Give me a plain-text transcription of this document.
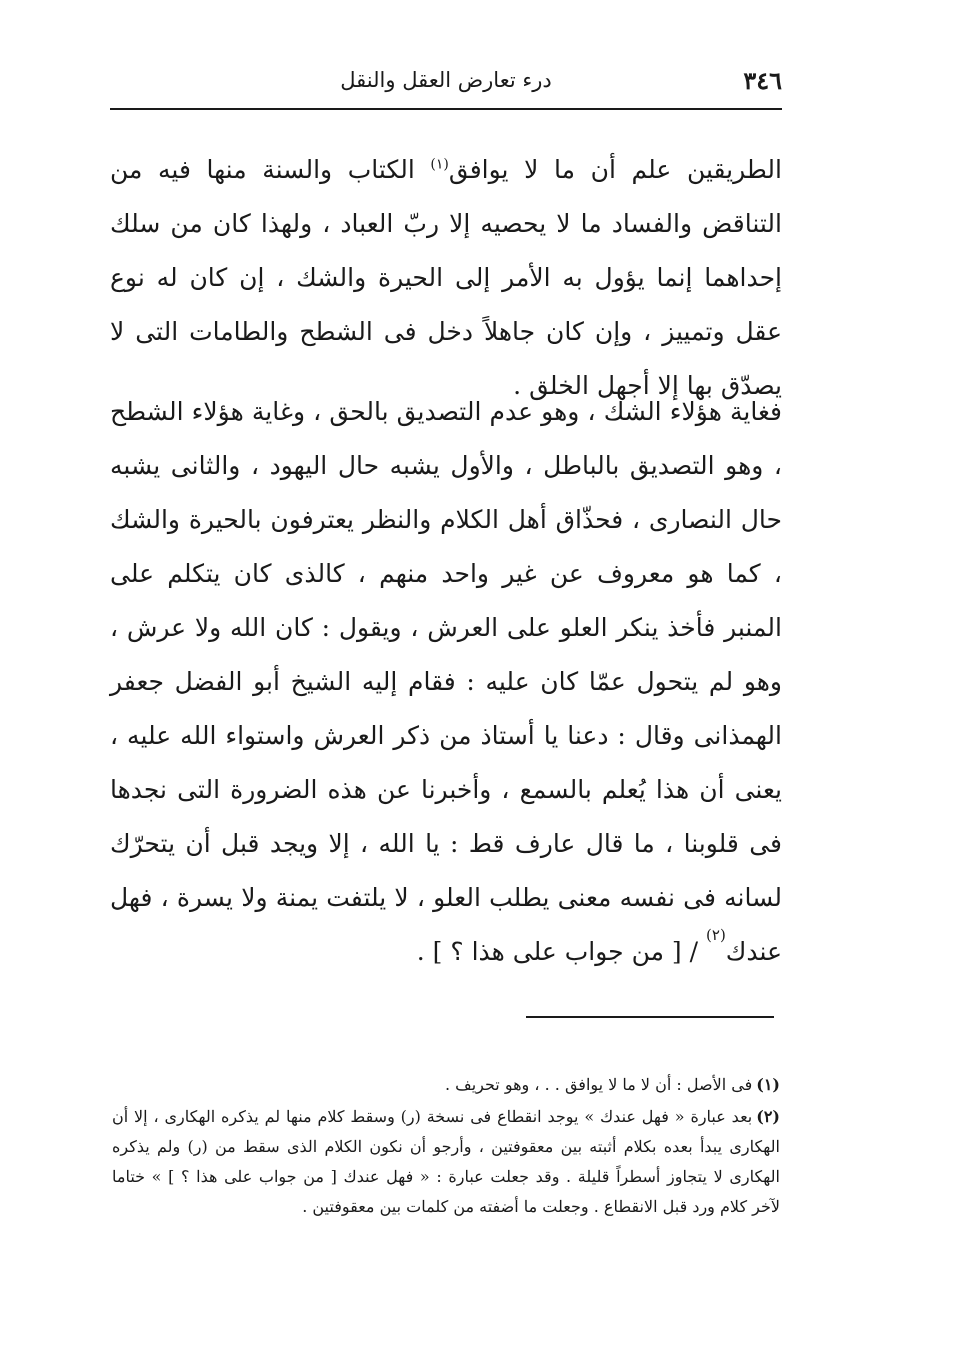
٣٤٦
درء تعارض العقل والنقل

الطريقين علم أن ما لا يوافق$^{(١)}$ الكتاب والسنة منها فيه من التناقض والفساد ما لا يحصيه إلا ربّ العباد ، ولهذا كان من سلك إحداهما إنما يؤول به الأمر إلى الحيرة والشك ، إن كان له نوع عقل وتمييز ، وإن كان جاهلاً دخل فى الشطح والطامات التى لا يصدّق بها إلا أجهل الخلق .

فغاية هؤلاء الشك ، وهو عدم التصديق بالحق ، وغاية هؤلاء الشطح ، وهو التصديق بالباطل ، والأول يشبه حال اليهود ، والثانى يشبه حال النصارى ، فحذّاق أهل الكلام والنظر يعترفون بالحيرة والشك ، كما هو معروف عن غير واحد منهم ، كالذى كان يتكلم على المنبر فأخذ ينكر العلو على العرش ، ويقول : كان الله ولا عرش ، وهو لم يتحول عمّا كان عليه : فقام إليه الشيخ أبو الفضل جعفر الهمذانى وقال : دعنا يا أستاذ من ذكر العرش واستواء الله عليه ، يعنى أن هذا يُعلم بالسمع ، وأخبرنا عن هذه الضرورة التى نجدها فى قلوبنا ، ما قال عارف قط : يا الله ، إلا ويجد قبل أن يتحرّك لسانه فى نفسه معنى يطلب العلو ، لا يلتفت يمنة ولا يسرة ، فهل عندك$^{(٢)}$ / [ من جواب على هذا ؟ ] .

(١)فى الأصل : أن لا ما لا يوافق . . ، وهو تحريف .

(٢)بعد عبارة « فهل عندك » يوجد انقطاع فى نسخة (ر) وسقط كلام منها لم يذكره الهكارى ، إلا أن الهكارى يبدأ بعده بكلام أثبته بين معقوفتين ، وأرجو أن نكون الكلام الذى سقط من (ر) ولم يذكره الهكارى لا يتجاوز أسطراً قليلة . وقد جعلت عبارة : « فهل عندك [ من جواب على هذا ؟ ] » ختاما لآخر كلام ورد قبل الانقطاع . وجعلت ما أضفته من كلمات بين معقوفتين .
